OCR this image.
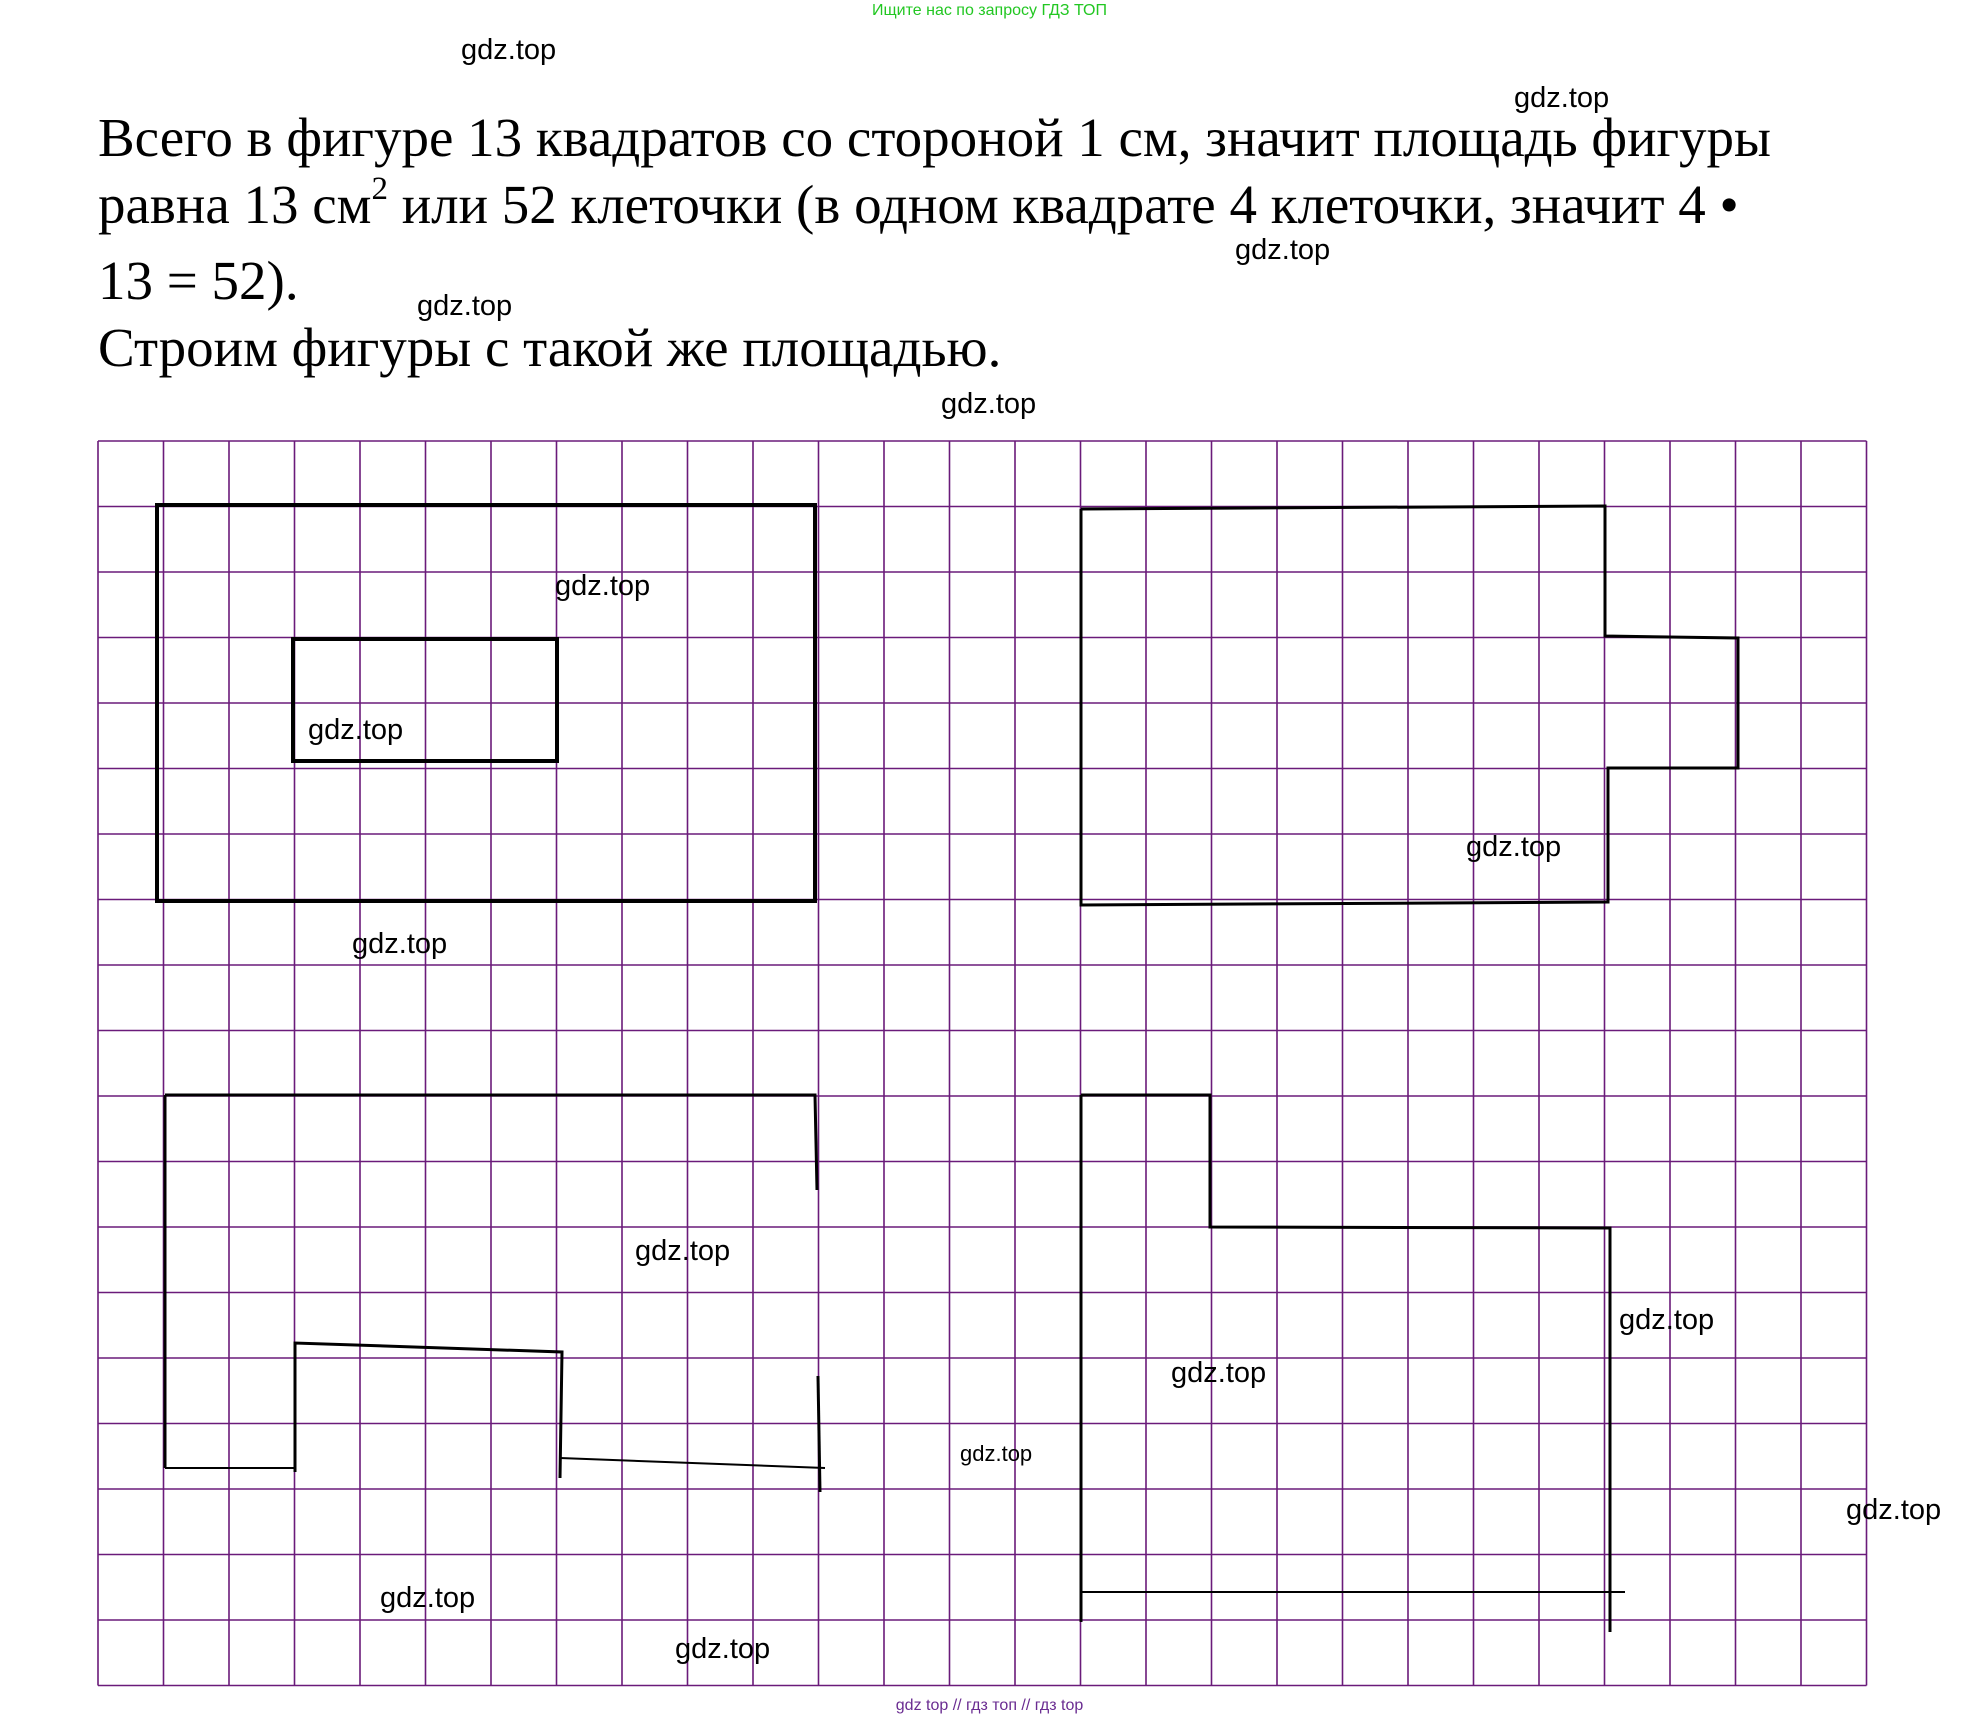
Ищите нас по запросу ГДЗ ТОП

Всего в фигуре 13 квадратов со стороной 1 см, значит площадь фигуры

равна 13 $см^2$ или 52 клеточки (в одном квадрате 4 клеточки, значит 4 •

13 = 52).

Строим фигуры с такой же площадью.

gdz.top
gdz.top
gdz.top
gdz.top
gdz.top
gdz.top
gdz.top
gdz.top
gdz.top
gdz.top
gdz.top
gdz.top
gdz.top
gdz.top
gdz.top
gdz.top
gdz top // гдз топ // гдз top
